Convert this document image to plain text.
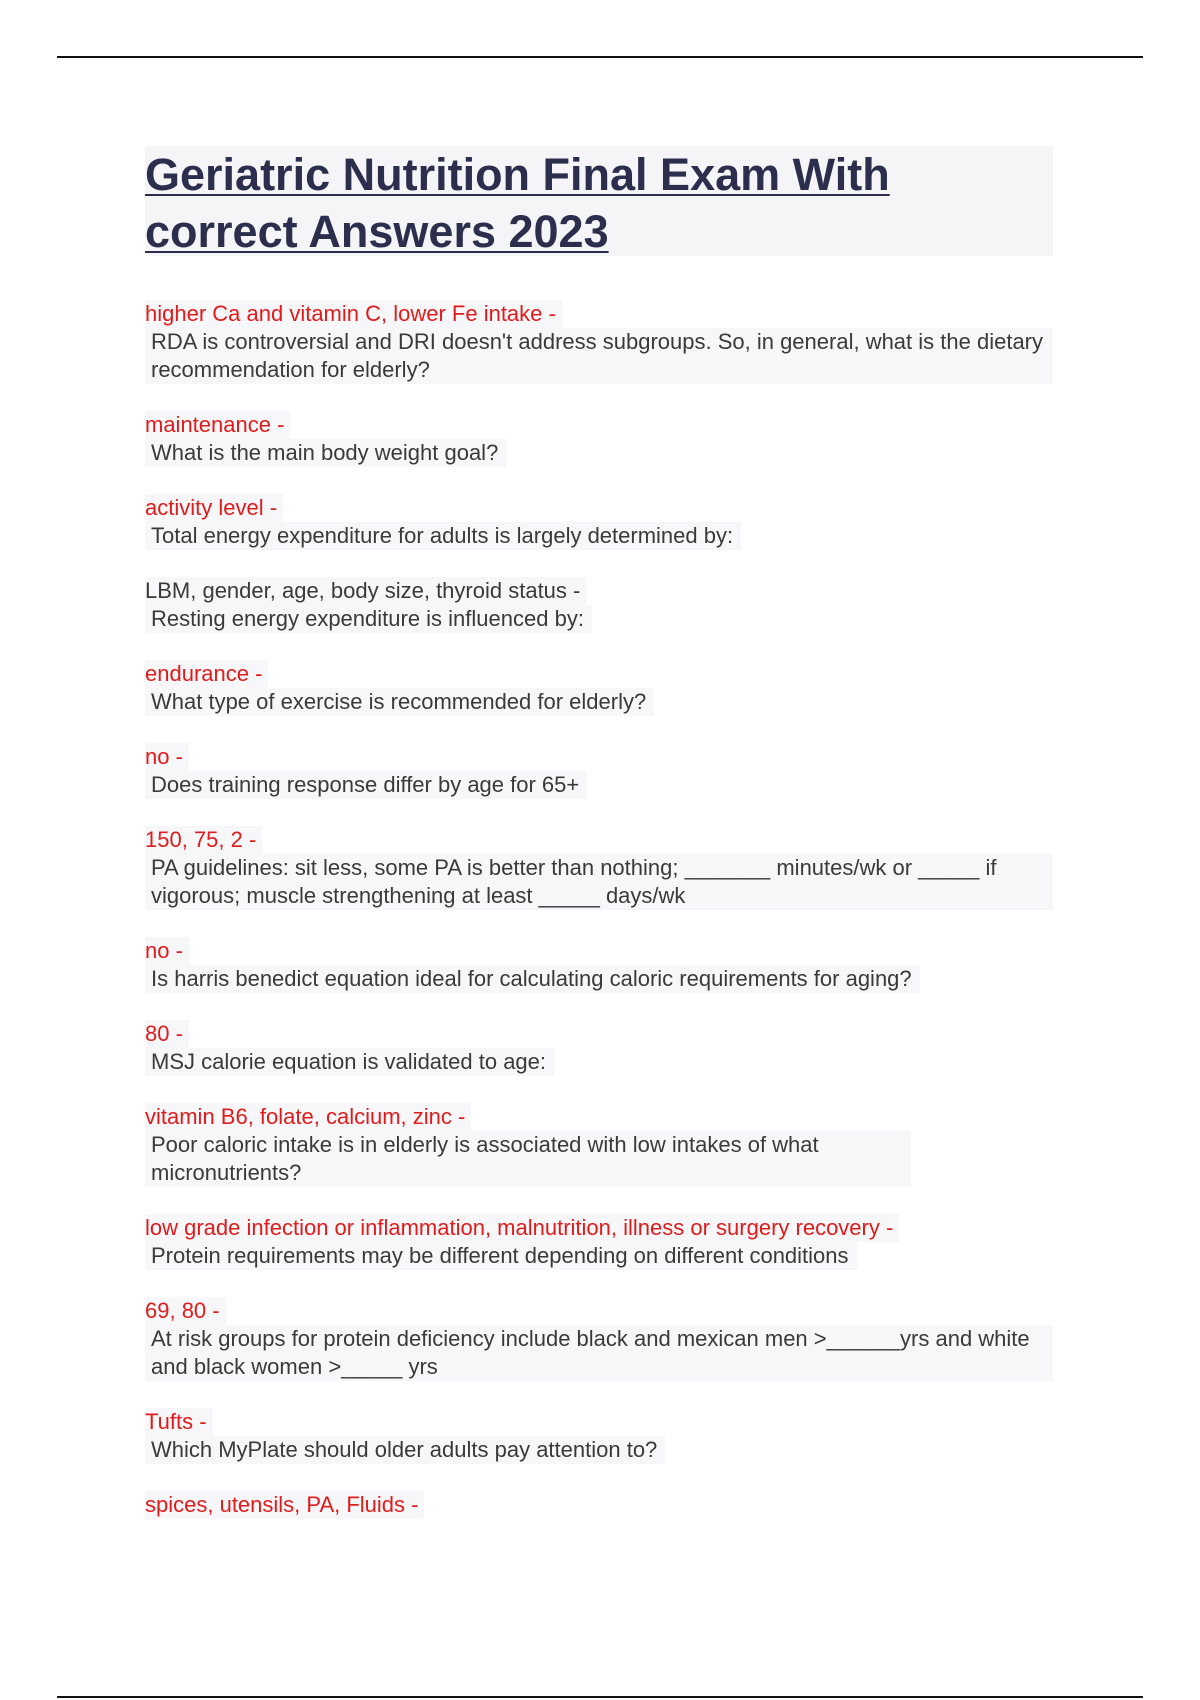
Geriatric Nutrition Final Exam With correct Answers 2023
higher Ca and vitamin C, lower Fe intake -
RDA is controversial and DRI doesn't address subgroups. So, in general, what is the dietary recommendation for elderly?
maintenance -
What is the main body weight goal?
activity level -
Total energy expenditure for adults is largely determined by:
LBM, gender, age, body size, thyroid status -
Resting energy expenditure is influenced by:
endurance -
What type of exercise is recommended for elderly?
no -
Does training response differ by age for 65+
150, 75, 2 -
PA guidelines: sit less, some PA is better than nothing; _______ minutes/wk or _____ if vigorous; muscle strengthening at least _____ days/wk
no -
Is harris benedict equation ideal for calculating caloric requirements for aging?
80 -
MSJ calorie equation is validated to age:
vitamin B6, folate, calcium, zinc -
Poor caloric intake is in elderly is associated with low intakes of what micronutrients?
low grade infection or inflammation, malnutrition, illness or surgery recovery -
Protein requirements may be different depending on different conditions
69, 80 -
At risk groups for protein deficiency include black and mexican men >______yrs and white and black women >_____ yrs
Tufts -
Which MyPlate should older adults pay attention to?
spices, utensils, PA, Fluids -
